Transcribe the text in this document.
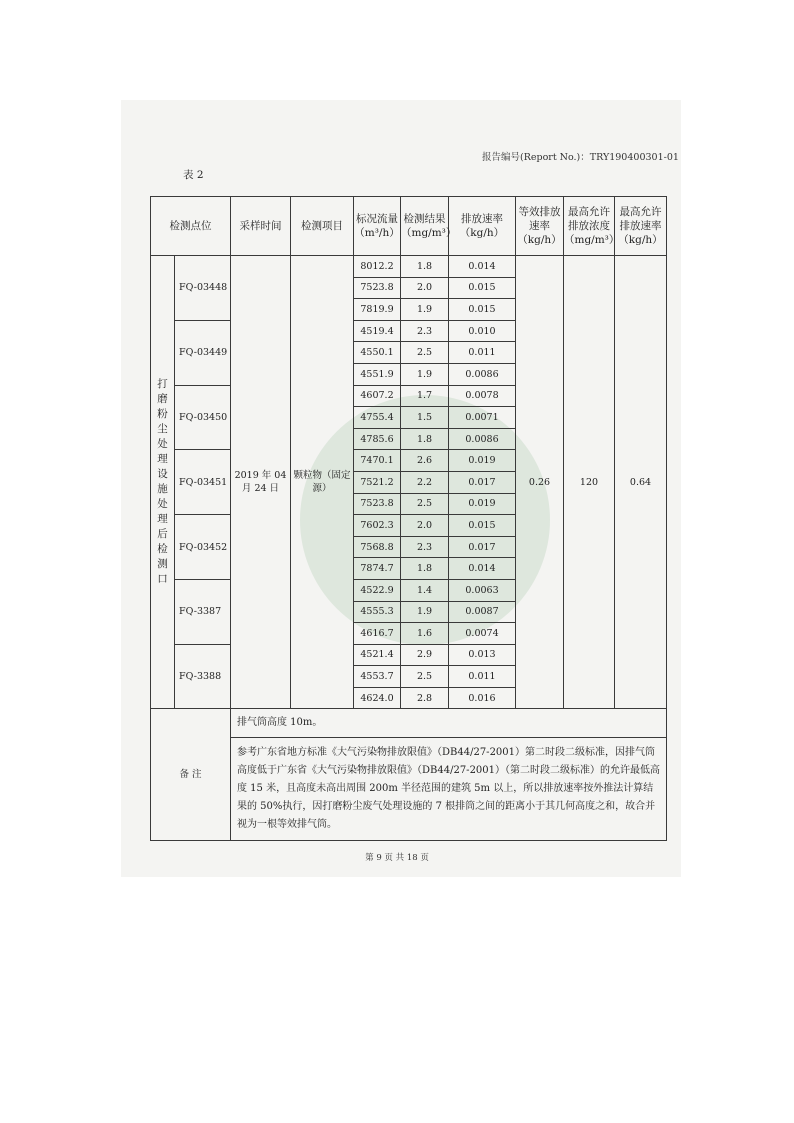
报告编号(Report No.)：TRY190400301-01
表 2
检测点位		采样时间	检测项目	标况流量（m³/h）	检测结果（mg/m³）	排放速率（kg/h）	等效排放速率（kg/h）	最高允许排放浓度（mg/m³）	最高允许排放速率（kg/h）

打磨粉尘处理设施处理后检测口	FQ-03448	2019 年 04 月 24 日	颗粒物（固定源）	8012.2	1.8	0.014	0.26	120	0.64
				7523.8	2.0	0.015			
				7819.9	1.9	0.015			
	FQ-03449			4519.4	2.3	0.010			
				4550.1	2.5	0.011			
				4551.9	1.9	0.0086			
	FQ-03450			4607.2	1.7	0.0078			
				4755.4	1.5	0.0071			
				4785.6	1.8	0.0086			
	FQ-03451			7470.1	2.6	0.019			
				7521.2	2.2	0.017			
				7523.8	2.5	0.019			
	FQ-03452			7602.3	2.0	0.015			
				7568.8	2.3	0.017			
				7874.7	1.8	0.014			
	FQ-3387			4522.9	1.4	0.0063			
				4555.3	1.9	0.0087			
				4616.7	1.6	0.0074			
	FQ-3388			4521.4	2.9	0.013			
				4553.7	2.5	0.011			
				4624.0	2.8	0.016			
备 注		排气筒高度 10m。							
		参考广东省地方标准《大气污染物排放限值》（DB44/27-2001）第二时段二级标准，因排气筒高度低于广东省《大气污染物排放限值》（DB44/27-2001）（第二时段二级标准）的允许最低高度 15 米，且高度未高出周围 200m 半径范围的建筑 5m 以上，所以排放速率按外推法计算结果的 50%执行，因打磨粉尘废气处理设施的 7 根排筒之间的距离小于其几何高度之和，故合并视为一根等效排气筒。							
第 9 页 共 18 页
